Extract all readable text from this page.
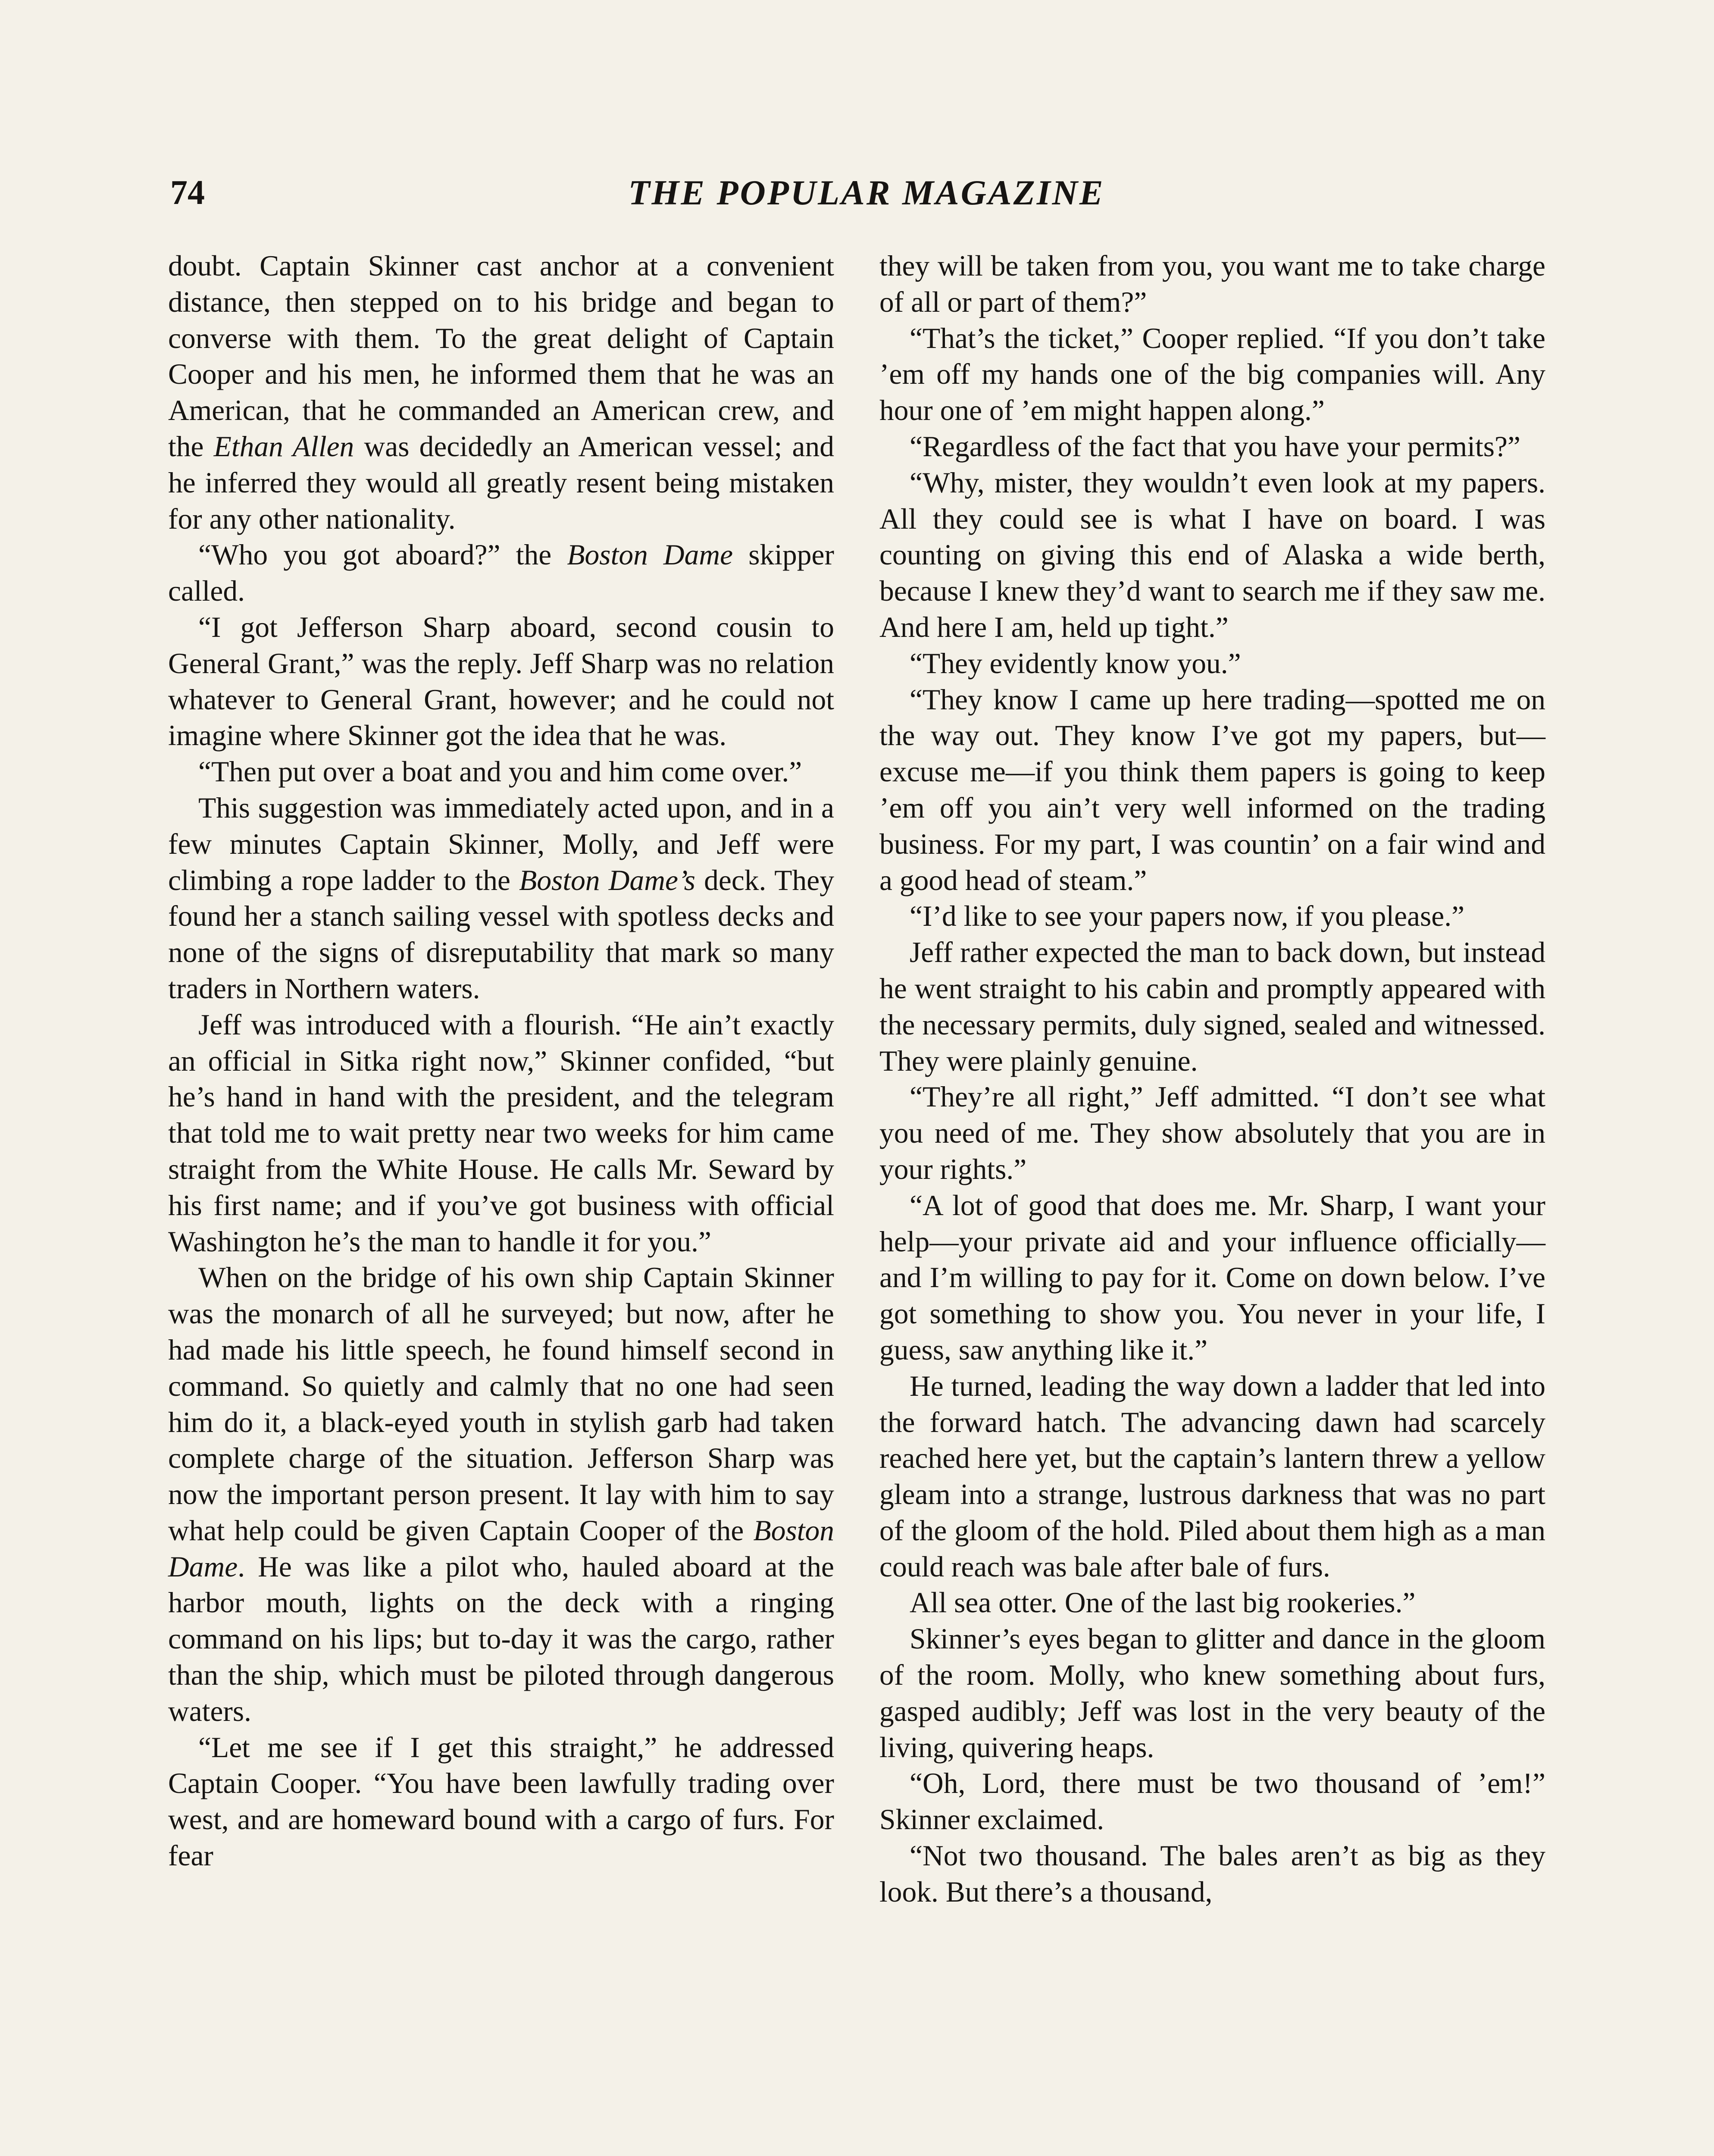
74	THE POPULAR MAGAZINE

doubt. Captain Skinner cast anchor at a convenient distance, then stepped on to his bridge and began to converse with them. To the great delight of Captain Cooper and his men, he informed them that he was an American, that he commanded an American crew, and the Ethan Allen was decidedly an American vessel; and he inferred they would all greatly resent being mistaken for any other nationality.

“Who you got aboard?” the Boston Dame skipper called.

“I got Jefferson Sharp aboard, second cousin to General Grant,” was the reply. Jeff Sharp was no relation whatever to General Grant, however; and he could not imagine where Skinner got the idea that he was.

“Then put over a boat and you and him come over.”

This suggestion was immediately acted upon, and in a few minutes Captain Skinner, Molly, and Jeff were climbing a rope ladder to the Boston Dame’s deck. They found her a stanch sailing vessel with spotless decks and none of the signs of disreputability that mark so many traders in Northern waters.

Jeff was introduced with a flourish. “He ain’t exactly an official in Sitka right now,” Skinner confided, “but he’s hand in hand with the president, and the telegram that told me to wait pretty near two weeks for him came straight from the White House. He calls Mr. Seward by his first name; and if you’ve got business with official Washington he’s the man to handle it for you.”

When on the bridge of his own ship Captain Skinner was the monarch of all he surveyed; but now, after he had made his little speech, he found himself second in command. So quietly and calmly that no one had seen him do it, a black-eyed youth in stylish garb had taken complete charge of the situation. Jefferson Sharp was now the important person present. It lay with him to say what help could be given Captain Cooper of the Boston Dame. He was like a pilot who, hauled aboard at the harbor mouth, lights on the deck with a ringing command on his lips; but to-day it was the cargo, rather than the ship, which must be piloted through dangerous waters.

“Let me see if I get this straight,” he addressed Captain Cooper. “You have been lawfully trading over west, and are homeward bound with a cargo of furs. For fear

they will be taken from you, you want me to take charge of all or part of them?”

“That’s the ticket,” Cooper replied. “If you don’t take ’em off my hands one of the big companies will. Any hour one of ’em might happen along.”

“Regardless of the fact that you have your permits?”

“Why, mister, they wouldn’t even look at my papers. All they could see is what I have on board. I was counting on giving this end of Alaska a wide berth, because I knew they’d want to search me if they saw me. And here I am, held up tight.”

“They evidently know you.”

“They know I came up here trading—spotted me on the way out. They know I’ve got my papers, but—excuse me—if you think them papers is going to keep ’em off you ain’t very well informed on the trading business. For my part, I was countin’ on a fair wind and a good head of steam.”

“I’d like to see your papers now, if you please.”

Jeff rather expected the man to back down, but instead he went straight to his cabin and promptly appeared with the necessary permits, duly signed, sealed and witnessed. They were plainly genuine.

“They’re all right,” Jeff admitted. “I don’t see what you need of me. They show absolutely that you are in your rights.”

“A lot of good that does me. Mr. Sharp, I want your help—your private aid and your influence officially—and I’m willing to pay for it. Come on down below. I’ve got something to show you. You never in your life, I guess, saw anything like it.”

He turned, leading the way down a ladder that led into the forward hatch. The advancing dawn had scarcely reached here yet, but the captain’s lantern threw a yellow gleam into a strange, lustrous darkness that was no part of the gloom of the hold. Piled about them high as a man could reach was bale after bale of furs.

All sea otter. One of the last big rookeries.”

Skinner’s eyes began to glitter and dance in the gloom of the room. Molly, who knew something about furs, gasped audibly; Jeff was lost in the very beauty of the living, quivering heaps.

“Oh, Lord, there must be two thousand of ’em!” Skinner exclaimed.

“Not two thousand. The bales aren’t as big as they look. But there’s a thousand,
